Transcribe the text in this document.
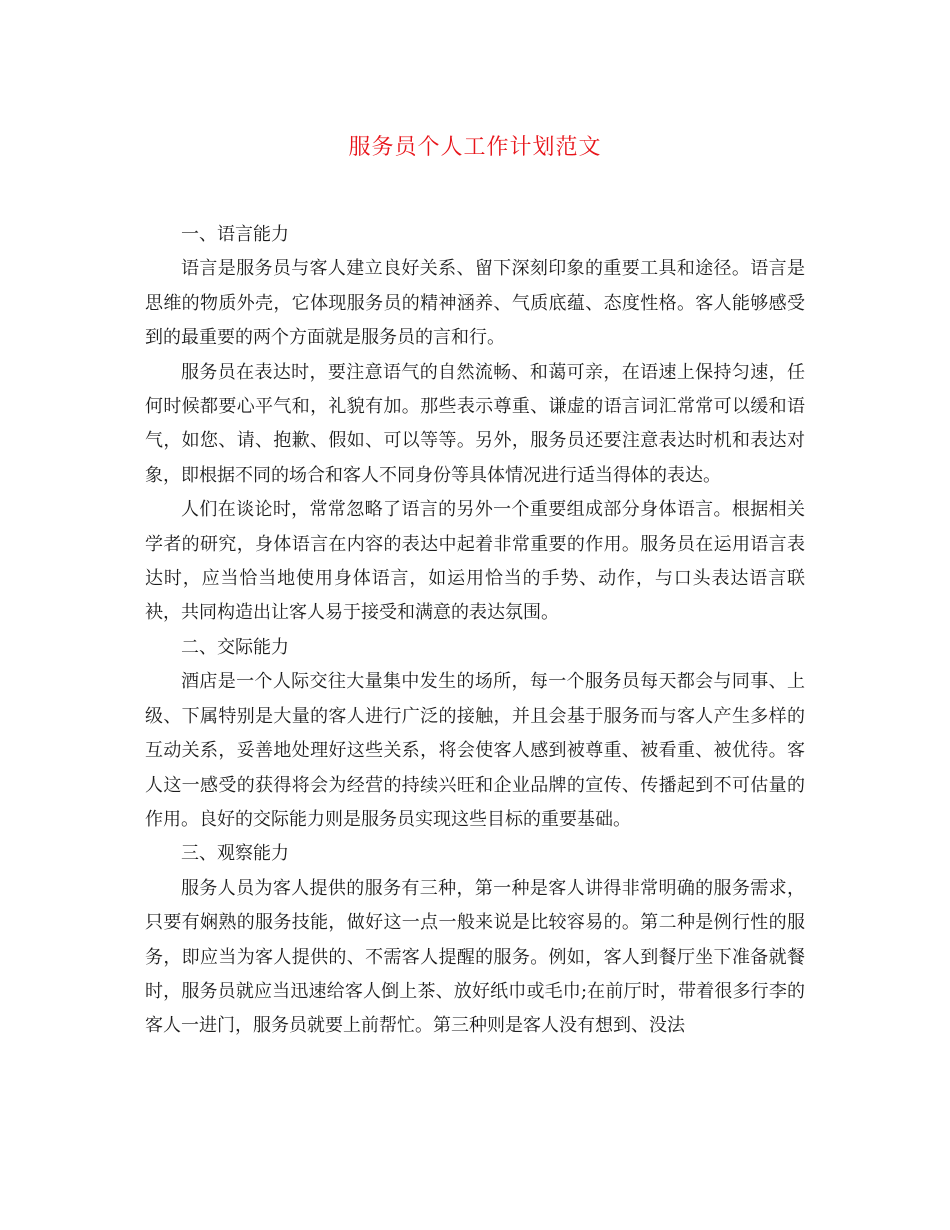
服务员个人工作计划范文

一、语言能力

语言是服务员与客人建立良好关系、留下深刻印象的重要工具和途径。语言是思维的物质外壳，它体现服务员的精神涵养、气质底蕴、态度性格。客人能够感受到的最重要的两个方面就是服务员的言和行。

服务员在表达时，要注意语气的自然流畅、和蔼可亲，在语速上保持匀速，任何时候都要心平气和，礼貌有加。那些表示尊重、谦虚的语言词汇常常可以缓和语气，如您、请、抱歉、假如、可以等等。另外，服务员还要注意表达时机和表达对象，即根据不同的场合和客人不同身份等具体情况进行适当得体的表达。

人们在谈论时，常常忽略了语言的另外一个重要组成部分身体语言。根据相关学者的研究，身体语言在内容的表达中起着非常重要的作用。服务员在运用语言表达时，应当恰当地使用身体语言，如运用恰当的手势、动作，与口头表达语言联袂，共同构造出让客人易于接受和满意的表达氛围。

二、交际能力

酒店是一个人际交往大量集中发生的场所，每一个服务员每天都会与同事、上级、下属特别是大量的客人进行广泛的接触，并且会基于服务而与客人产生多样的互动关系，妥善地处理好这些关系，将会使客人感到被尊重、被看重、被优待。客人这一感受的获得将会为经营的持续兴旺和企业品牌的宣传、传播起到不可估量的作用。良好的交际能力则是服务员实现这些目标的重要基础。

三、观察能力

服务人员为客人提供的服务有三种，第一种是客人讲得非常明确的服务需求，只要有娴熟的服务技能，做好这一点一般来说是比较容易的。第二种是例行性的服务，即应当为客人提供的、不需客人提醒的服务。例如，客人到餐厅坐下准备就餐时，服务员就应当迅速给客人倒上茶、放好纸巾或毛巾;在前厅时，带着很多行李的客人一进门，服务员就要上前帮忙。第三种则是客人没有想到、没法
